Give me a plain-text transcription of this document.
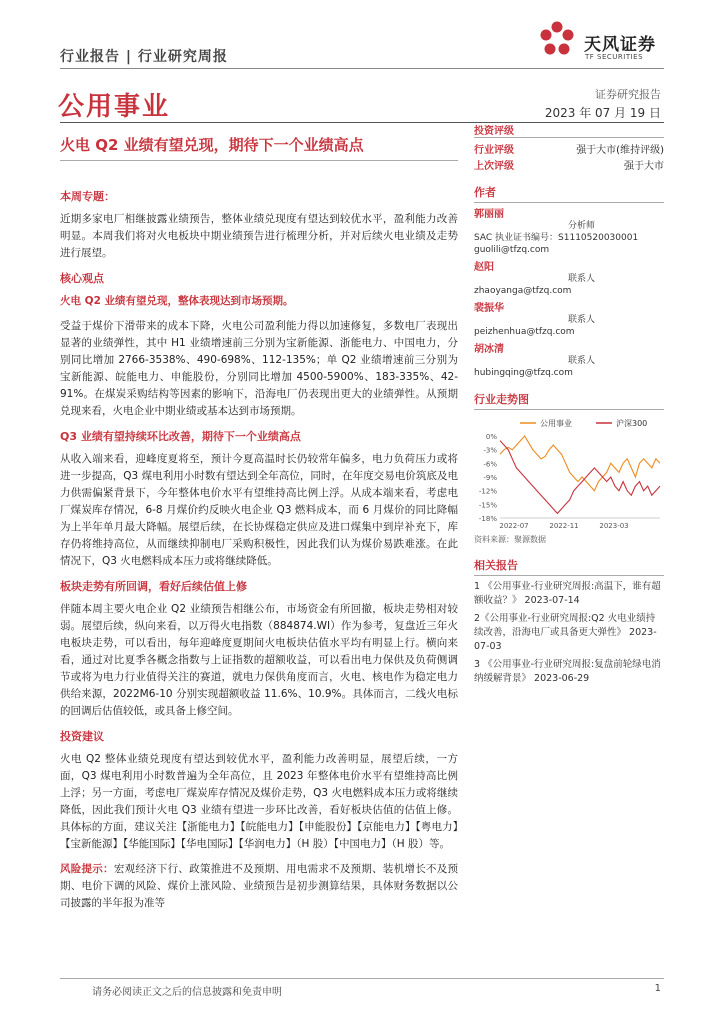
行业报告 | 行业研究周报
天风证券
TF SECURITIES
公用事业	证券研究报告
2023 年 07 月 19 日
火电 Q2 业绩有望兑现，期待下一个业绩高点
本周专题：

近期多家电厂相继披露业绩预告，整体业绩兑现度有望达到较优水平，盈利能力改善明显。本周我们将对火电板块中期业绩预告进行梳理分析，并对后续火电业绩及走势进行展望。

核心观点

火电 Q2 业绩有望兑现，整体表现达到市场预期。

受益于煤价下滑带来的成本下降，火电公司盈利能力得以加速修复，多数电厂表现出显著的业绩弹性，其中 H1 业绩增速前三分别为宝新能源、浙能电力、中国电力，分别同比增加 2766-3538%、490-698%、112-135%；单 Q2 业绩增速前三分别为宝新能源、皖能电力、申能股份，分别同比增加 4500-5900%、183-335%、42-91%。在煤炭采购结构等因素的影响下，沿海电厂仍表现出更大的业绩弹性。从预期兑现来看，火电企业中期业绩或基本达到市场预期。

Q3 业绩有望持续环比改善，期待下一个业绩高点

从收入端来看，迎峰度夏将至，预计今夏高温时长仍较常年偏多，电力负荷压力或将进一步提高，Q3 煤电利用小时数有望达到全年高位，同时，在年度交易电价筑底及电力供需偏紧背景下，今年整体电价水平有望维持高比例上浮。从成本端来看，考虑电厂煤炭库存情况，6-8 月煤价约反映火电企业 Q3 燃料成本，而 6 月煤价的同比降幅为上半年单月最大降幅。展望后续，在长协煤稳定供应及进口煤集中到岸补充下，库存仍将维持高位，从而继续抑制电厂采购积极性，因此我们认为煤价易跌难涨。在此情况下，Q3 火电燃料成本压力或将继续降低。

板块走势有所回调，看好后续估值上修

伴随本周主要火电企业 Q2 业绩预告相继公布，市场资金有所回撤，板块走势相对较弱。展望后续，纵向来看，以万得火电指数（884874.WI）作为参考，复盘近三年火电板块走势，可以看出，每年迎峰度夏期间火电板块估值水平均有明显上行。横向来看，通过对比夏季各概念指数与上证指数的超额收益，可以看出电力保供及负荷侧调节或将为电力行业值得关注的赛道，就电力保供角度而言，火电、核电作为稳定电力供给来源，2022M6-10 分别实现超额收益 11.6%、10.9%。具体而言，二线火电标的回调后估值较低，或具备上修空间。

投资建议

火电 Q2 整体业绩兑现度有望达到较优水平，盈利能力改善明显，展望后续，一方面，Q3 煤电利用小时数普遍为全年高位，且 2023 年整体电价水平有望维持高比例上浮；另一方面，考虑电厂煤炭库存情况及煤价走势，Q3 火电燃料成本压力或将继续降低，因此我们预计火电 Q3 业绩有望进一步环比改善，看好板块估值的估值上修。具体标的方面，建议关注【浙能电力】【皖能电力】【申能股份】【京能电力】【粤电力】【宝新能源】【华能国际】【华电国际】【华润电力】（H 股）【中国电力】（H 股）等。

风险提示：宏观经济下行、政策推进不及预期、用电需求不及预期、装机增长不及预期、电价下调的风险、煤价上涨风险、业绩预告是初步测算结果，具体财务数据以公司披露的半年报为准等

投资评级
行业评级	强于大市(维持评级)
上次评级	强于大市
作者
郭丽丽
分析师
SAC 执业证书编号：S1110520030001
guolili@tfzq.com
赵阳
联系人
zhaoyanga@tfzq.com
裴振华
联系人
peizhenhua@tfzq.com
胡冰清
联系人
hubingqing@tfzq.com
行业走势图
公用事业	沪深300
0%
-3%
-6%
-9%
-12%
-15%
-18%
2022-07	2022-11	2023-03
资料来源：聚源数据
相关报告
1 《公用事业-行业研究周报:高温下，谁有超额收益？》 2023-07-14
2《公用事业-行业研究周报:Q2 火电业绩持续改善，沿海电厂或具备更大弹性》 2023-07-03
3 《公用事业-行业研究周报:复盘前轮绿电消纳缓解背景》 2023-06-29
请务必阅读正文之后的信息披露和免责申明	1
